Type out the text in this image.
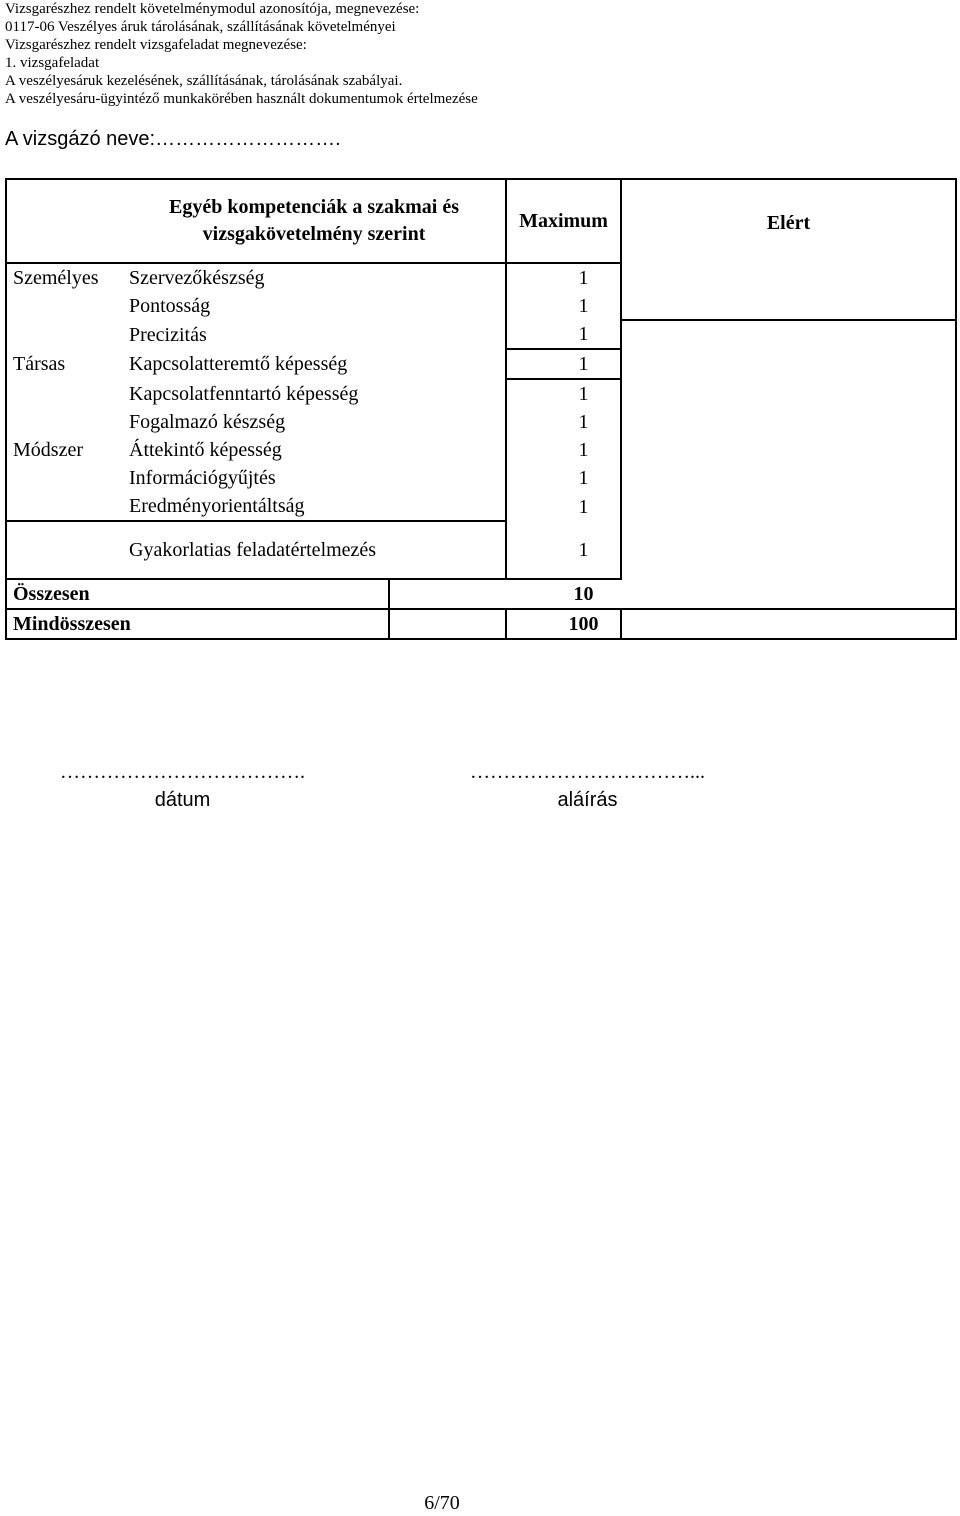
Vizsgarészhez rendelt követelménymodul azonosítója, megnevezése:
0117-06 Veszélyes áruk tárolásának, szállításának követelményei
Vizsgarészhez rendelt vizsgafeladat megnevezése:
1. vizsgafeladat
A veszélyesáruk kezelésének, szállításának, tárolásának szabályai.
A veszélyesáru-ügyintéző munkakörében használt dokumentumok értelmezése
A vizsgázó neve:……………………….
	Egyéb kompetenciák a szakmai és vizsgakövetelmény szerint		Maximum	Elért
Személyes	Szervezőkészség		1	
	Pontosság		1	
	Precizitás		1	
Társas	Kapcsolatteremtő képesség		1	
	Kapcsolatfenntartó képesség		1	
	Fogalmazó készség		1	
Módszer	Áttekintő képesség		1	
	Információgyűjtés		1	
	Eredményorientáltság		1	
	Gyakorlatias feladatértelmezés		1	
Összesen			10	
Mindösszesen			100	
……………………………….
dátum
……………………………...
aláírás
6/70
